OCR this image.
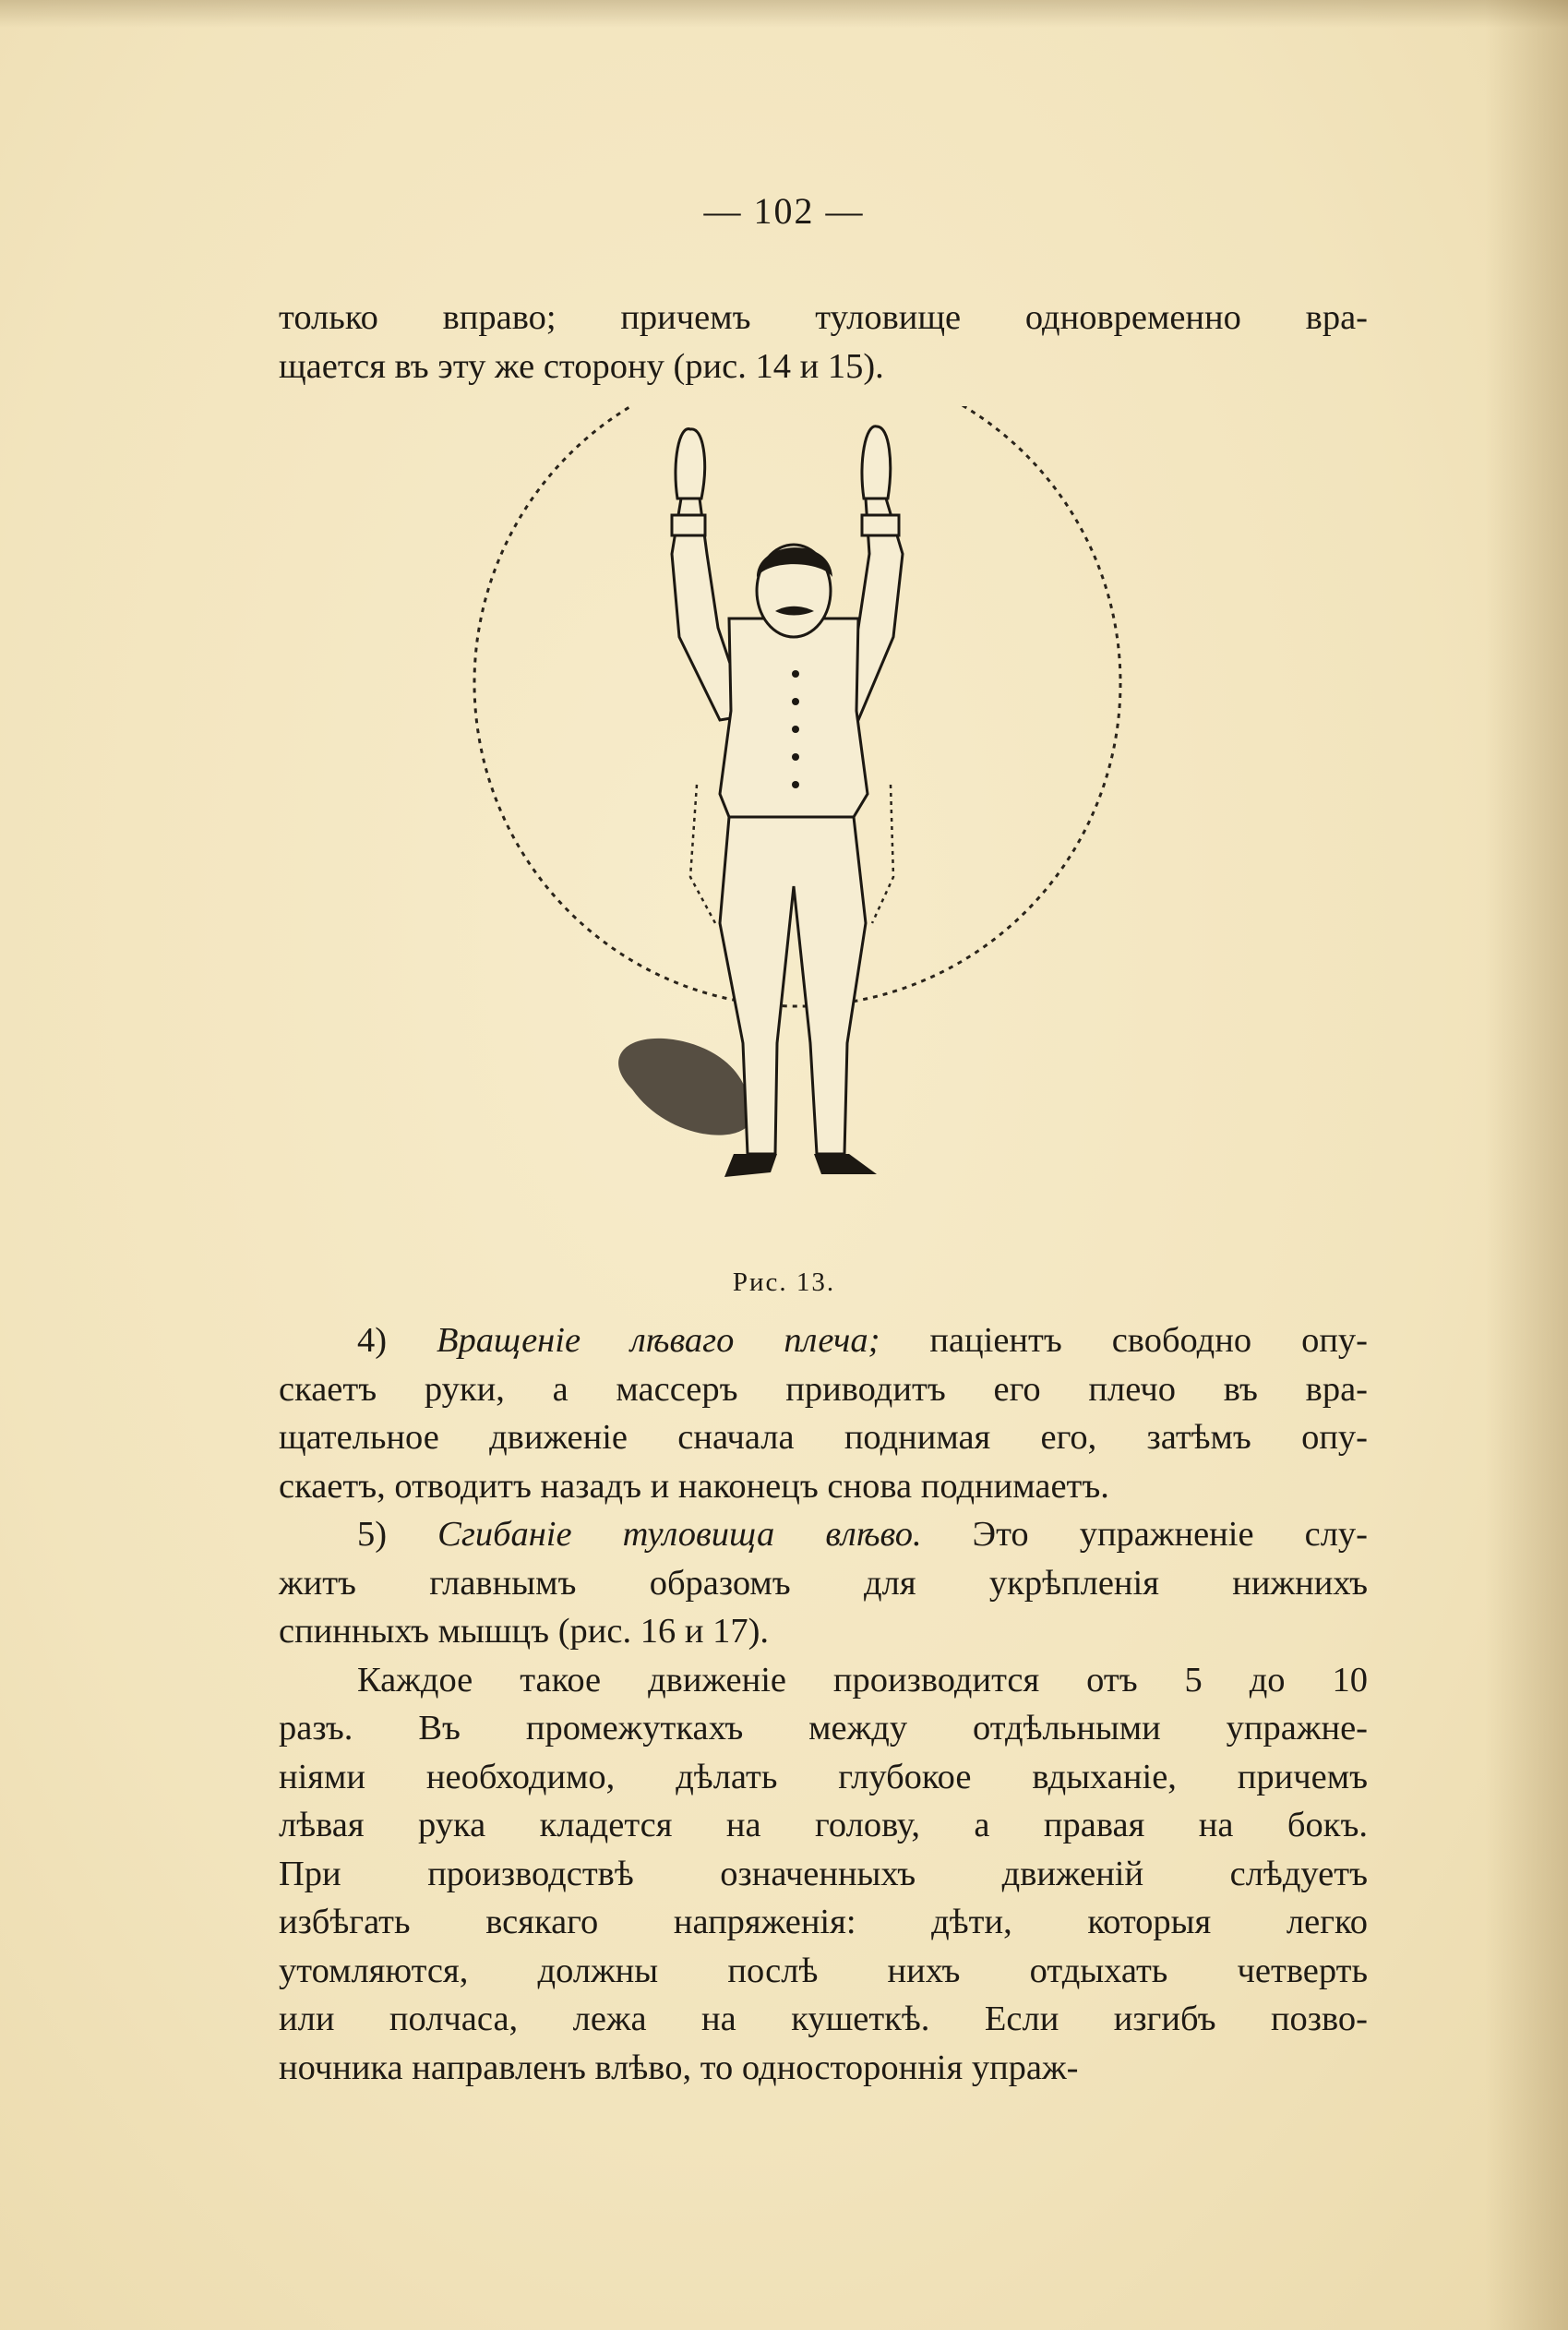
— 102 —
только вправо; причемъ туловище одновременно вра-
щается въ эту же сторону (рис. 14 и 15).
Рис. 13.
4) Вращенiе лѣваго плеча; пацiентъ свободно опу-
скаетъ руки, а массеръ приводитъ его плечо въ вра-
щательное движенiе сначала поднимая его, затѣмъ опу-
скаетъ, отводитъ назадъ и наконецъ снова поднимаетъ.
5) Сгибанiе туловища влѣво. Это упражненiе слу-
житъ главнымъ образомъ для укрѣпленiя нижнихъ
спинныхъ мышцъ (рис. 16 и 17).
Каждое такое движенiе производится отъ 5 до 10
разъ. Въ промежуткахъ между отдѣльными упражне-
нiями необходимо, дѣлать глубокое вдыханiе, причемъ
лѣвая рука кладется на голову, а правая на бокъ.
При производствѣ означенныхъ движенiй слѣдуетъ
избѣгать всякаго напряженiя: дѣти, которыя легко
утомляются, должны послѣ нихъ отдыхать четверть
или полчаса, лежа на кушеткѣ. Если изгибъ позво-
ночника направленъ влѣво, то одностороннiя упраж-
